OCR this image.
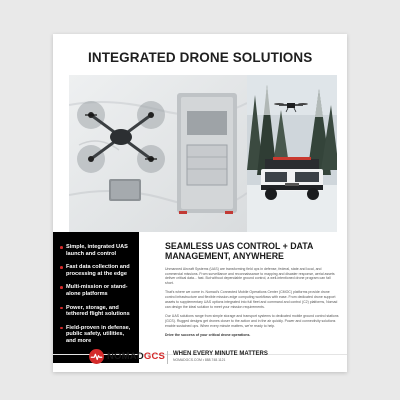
INTEGRATED DRONE SOLUTIONS
Simple, integrated UAS launch and control
Fast data collection and processing at the edge
Multi-mission or stand-alone platforms
Power, storage, and tethered flight solutions
Field-proven in defense, public safety, utilities, and more
SEAMLESS UAS CONTROL + DATA MANAGEMENT, ANYWHERE

Unmanned Aircraft Systems (UAS) are transforming field ops in defense, federal, state and local, and commercial missions. From surveillance and reconnaissance to mapping and disaster response, aerial assets deliver critical data... fast. But without dependable ground control, a well-intentioned drone program can fall short.

That's where we come in. Nomad's Connected Mobile Operations Center (CMOC) platforms provide drone control infrastructure and flexible mission-edge computing workflows with ease. From dedicated drone support assets to supplementary UAS options integrated into full fleet and command and control (C2) platforms, Nomad can design the ideal solution to meet your mission requirements.

Our UAS solutions range from simple storage and transport systems to dedicated mobile ground control stations (GCS). Rugged designs get drones closer to the action and in the air quickly. Power and connectivity solutions enable sustained ops. When every minute matters, we're ready to help.

Drive the success of your critical drone operations.

NOMADGCS WHEN EVERY MINUTE MATTERS
NOMADGCS.COM • 888.748.1121
